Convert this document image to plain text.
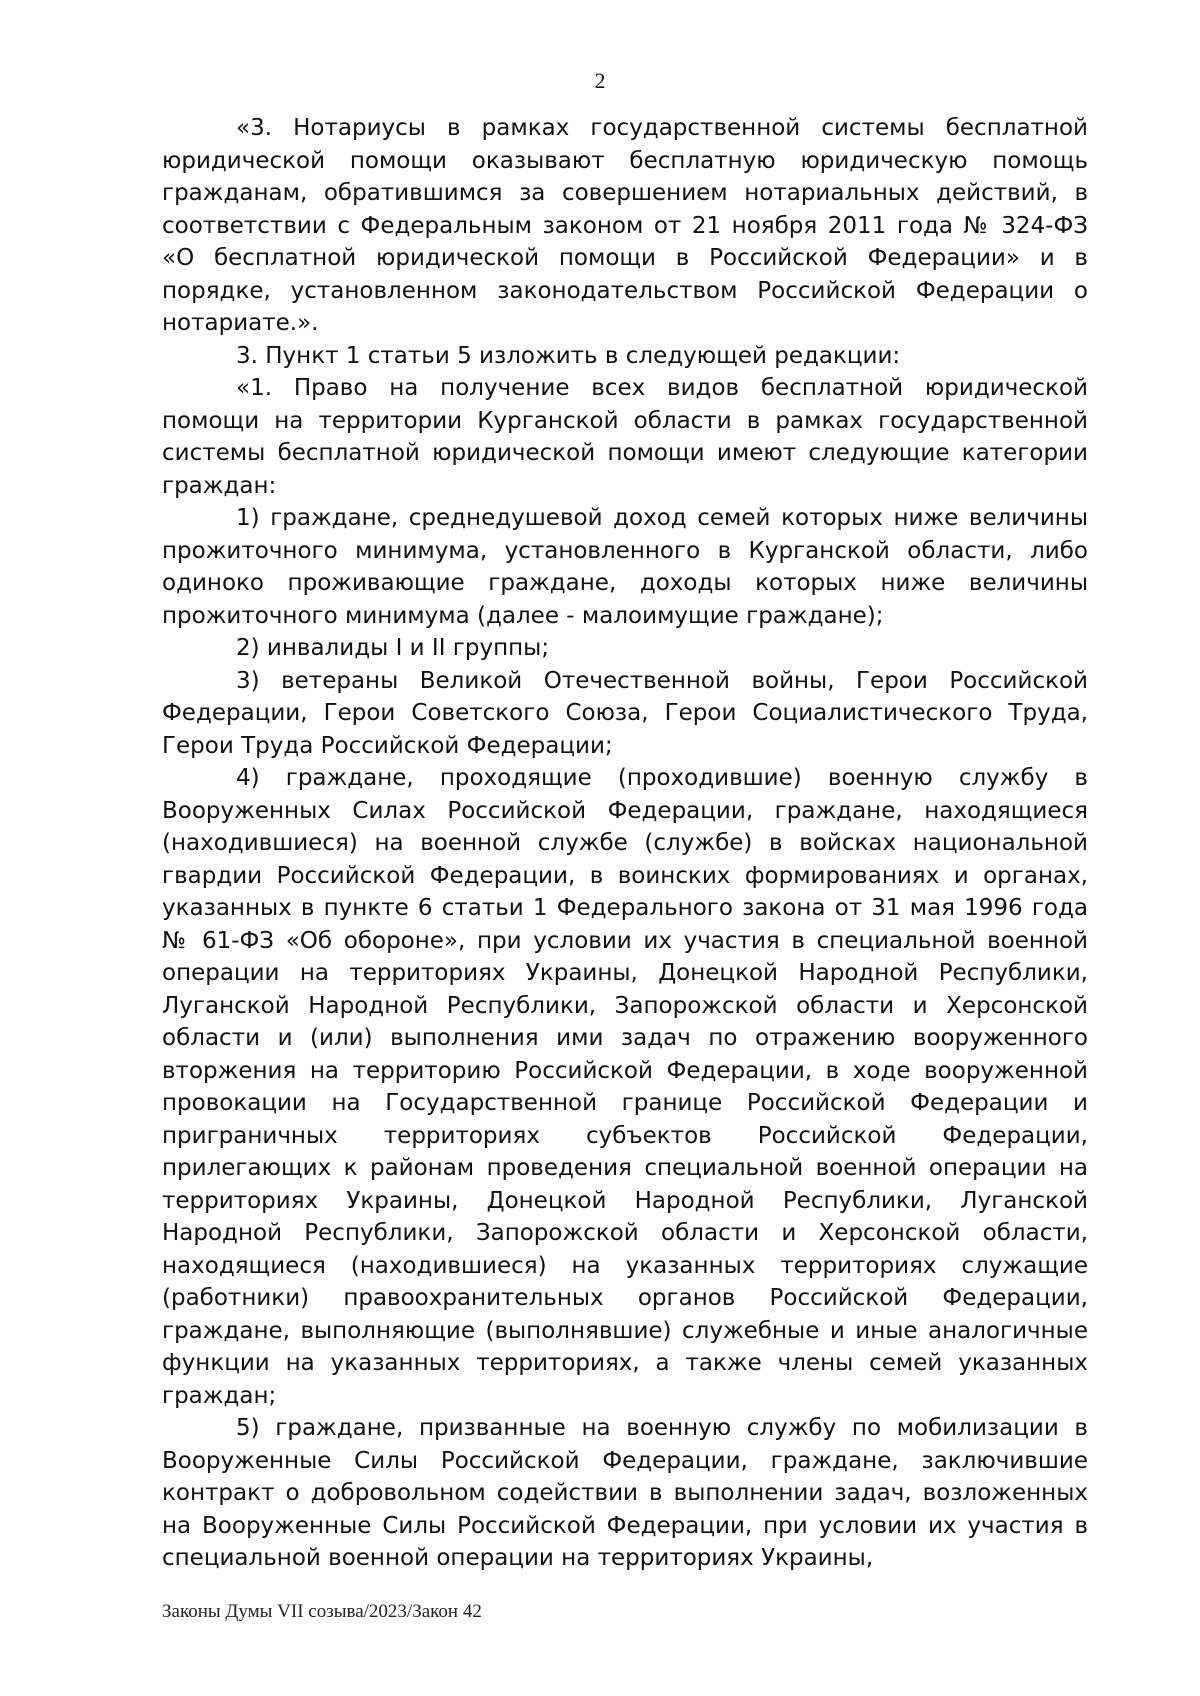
2

«3. Нотариусы в рамках государственной системы бесплатной юридической помощи оказывают бесплатную юридическую помощь гражданам, обратившимся за совершением нотариальных действий, в соответствии с Федеральным законом от 21 ноября 2011 года № 324-ФЗ «О бесплатной юридической помощи в Российской Федерации» и в порядке, установленном законодательством Российской Федерации о нотариате.».

3. Пункт 1 статьи 5 изложить в следующей редакции:

«1. Право на получение всех видов бесплатной юридической помощи на территории Курганской области в рамках государственной системы бесплатной юридической помощи имеют следующие категории граждан:

1) граждане, среднедушевой доход семей которых ниже величины прожиточного минимума, установленного в Курганской области, либо одиноко проживающие граждане, доходы которых ниже величины прожиточного минимума (далее - малоимущие граждане);

2) инвалиды I и II группы;

3) ветераны Великой Отечественной войны, Герои Российской Федерации, Герои Советского Союза, Герои Социалистического Труда, Герои Труда Российской Федерации;

4) граждане, проходящие (проходившие) военную службу в Вооруженных Силах Российской Федерации, граждане, находящиеся (находившиеся) на военной службе (службе) в войсках национальной гвардии Российской Федерации, в воинских формированиях и органах, указанных в пункте 6 статьи 1 Федерального закона от 31 мая 1996 года № 61-ФЗ «Об обороне», при условии их участия в специальной военной операции на территориях Украины, Донецкой Народной Республики, Луганской Народной Республики, Запорожской области и Херсонской области и (или) выполнения ими задач по отражению вооруженного вторжения на территорию Российской Федерации, в ходе вооруженной провокации на Государственной границе Российской Федерации и приграничных территориях субъектов Российской Федерации, прилегающих к районам проведения специальной военной операции на территориях Украины, Донецкой Народной Республики, Луганской Народной Республики, Запорожской области и Херсонской области, находящиеся (находившиеся) на указанных территориях служащие (работники) правоохранительных органов Российской Федерации, граждане, выполняющие (выполнявшие) служебные и иные аналогичные функции на указанных территориях, а также члены семей указанных граждан;

5) граждане, призванные на военную службу по мобилизации в Вооруженные Силы Российской Федерации, граждане, заключившие контракт о добровольном содействии в выполнении задач, возложенных на Вооруженные Силы Российской Федерации, при условии их участия в специальной военной операции на территориях Украины,

Законы Думы VII созыва/2023/Закон 42
